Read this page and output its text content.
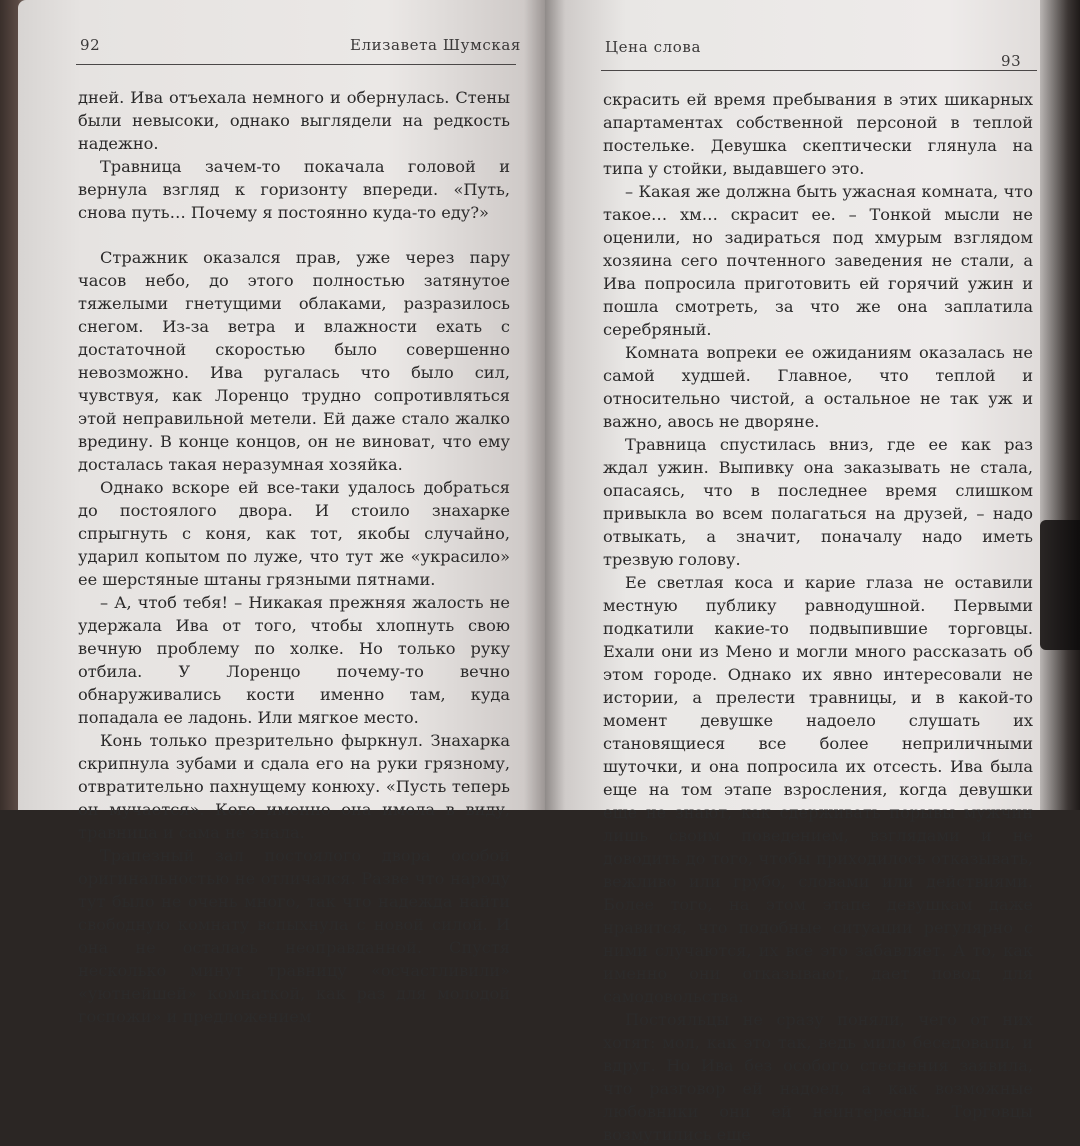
92	Елизавета Шумская

дней. Ива отъехала немного и обернулась. Стены были невысоки, однако выглядели на редкость надежно.

Травница зачем-то покачала головой и вернула взгляд к горизонту впереди. «Путь, снова путь… Почему я постоянно куда-то еду?»

Стражник оказался прав, уже через пару часов небо, до этого полностью затянутое тяжелыми гнетущими облаками, разразилось снегом. Из-за ветра и влажности ехать с достаточной скоростью было совершенно невозможно. Ива ругалась что было сил, чувствуя, как Лоренцо трудно сопротивляться этой неправильной метели. Ей даже стало жалко вредину. В конце концов, он не виноват, что ему досталась такая неразумная хозяйка.

Однако вскоре ей все-таки удалось добраться до постоялого двора. И стоило знахарке спрыгнуть с коня, как тот, якобы случайно, ударил копытом по луже, что тут же «украсило» ее шерстяные штаны грязными пятнами.

– А, чтоб тебя! – Никакая прежняя жалость не удержала Ива от того, чтобы хлопнуть свою вечную проблему по холке. Но только руку отбила. У Лоренцо почему-то вечно обнаруживались кости именно там, куда попадала ее ладонь. Или мягкое место.

Конь только презрительно фыркнул. Знахарка скрипнула зубами и сдала его на руки грязному, отвратительно пахнущему конюху. «Пусть теперь он мучается». Кого именно она имела в виду, травница и сама не знала.

Трапезный зал постоялого двора особой оригинальностью не отличался. Разве что народу тут было не очень много, так что надежда найти свободную комнату вспыхнула с новой силой. И она не осталась неоправданной. Спустя несколько минут травницу «осчастливили» «уютнейшей» комнаткой, как раз для молодой госпожи» и предложением

Цена слова
93

скрасить ей время пребывания в этих шикарных апартаментах собственной персоной в теплой постельке. Девушка скептически глянула на типа у стойки, выдавшего это.

– Какая же должна быть ужасная комната, что такое… хм… скрасит ее. – Тонкой мысли не оценили, но задираться под хмурым взглядом хозяина сего почтенного заведения не стали, а Ива попросила приготовить ей горячий ужин и пошла смотреть, за что же она заплатила серебряный.

Комната вопреки ее ожиданиям оказалась не самой худшей. Главное, что теплой и относительно чистой, а остальное не так уж и важно, авось не дворяне.

Травница спустилась вниз, где ее как раз ждал ужин. Выпивку она заказывать не стала, опасаясь, что в последнее время слишком привыкла во всем полагаться на друзей, – надо отвыкать, а значит, поначалу надо иметь трезвую голову.

Ее светлая коса и карие глаза не оставили местную публику равнодушной. Первыми подкатили какие-то подвыпившие торговцы. Ехали они из Мено и могли много рассказать об этом городе. Однако их явно интересовали не истории, а прелести травницы, и в какой-то момент девушке надоело слушать их становящиеся все более неприличными шуточки, и она попросила их отсесть. Ива была еще на том этапе взросления, когда девушки еще не знают, как сдерживать порывы мужчин лишь своим поведением, взглядами и не доводить до того, чтобы приходилось отказывать, вежливо или грубо, словами или действиями. Более того, на этом этапе девушкам даже нравится, что подобные ситуации регулярно с ними случаются, их все это забавляет. А то, как именно они отказывают, дает повод для самодовольства.

Постояльцы не сразу поняли, чего от них хотят: мол, как это так, ведь мило беседовали, и вдруг. Но Ива без особого стеснения заявила, что разговор ей надоел, а как возможные любовники они ей неинтересны. Торговцы возмутились еще
